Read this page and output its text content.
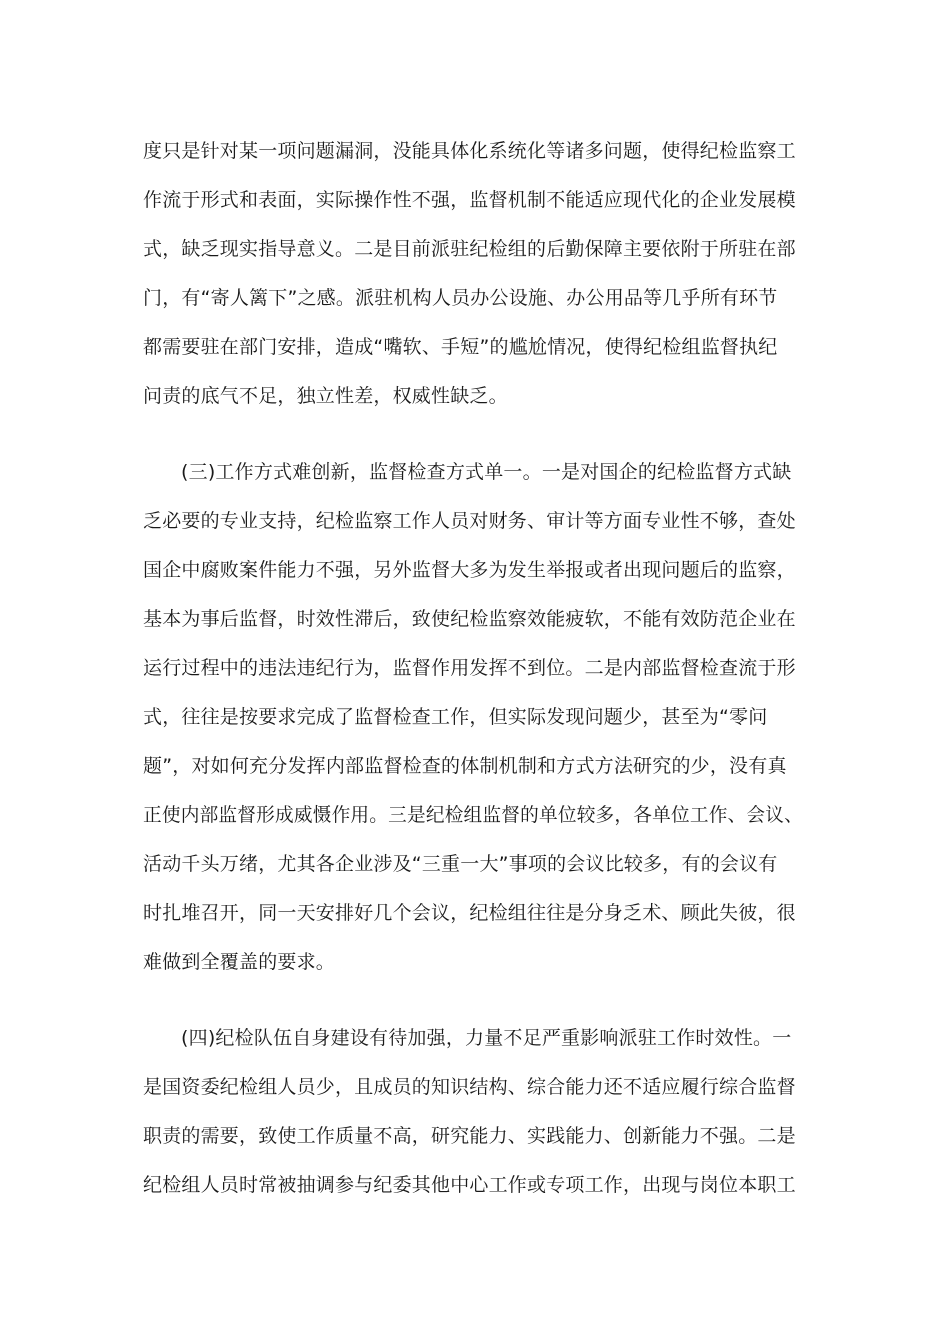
度只是针对某一项问题漏洞，没能具体化系统化等诸多问题，使得纪检监察工
作流于形式和表面，实际操作性不强，监督机制不能适应现代化的企业发展模
式，缺乏现实指导意义。二是目前派驻纪检组的后勤保障主要依附于所驻在部
门，有“寄人篱下”之感。派驻机构人员办公设施、办公用品等几乎所有环节
都需要驻在部门安排，造成“嘴软、手短”的尴尬情况，使得纪检组监督执纪
问责的底气不足，独立性差，权威性缺乏。
(三)工作方式难创新，监督检查方式单一。一是对国企的纪检监督方式缺
乏必要的专业支持，纪检监察工作人员对财务、审计等方面专业性不够，查处
国企中腐败案件能力不强，另外监督大多为发生举报或者出现问题后的监察，
基本为事后监督，时效性滞后，致使纪检监察效能疲软，不能有效防范企业在
运行过程中的违法违纪行为，监督作用发挥不到位。二是内部监督检查流于形
式，往往是按要求完成了监督检查工作，但实际发现问题少，甚至为“零问
题”，对如何充分发挥内部监督检查的体制机制和方式方法研究的少，没有真
正使内部监督形成威慑作用。三是纪检组监督的单位较多，各单位工作、会议、
活动千头万绪，尤其各企业涉及“三重一大”事项的会议比较多，有的会议有
时扎堆召开，同一天安排好几个会议，纪检组往往是分身乏术、顾此失彼，很
难做到全覆盖的要求。
(四)纪检队伍自身建设有待加强，力量不足严重影响派驻工作时效性。一
是国资委纪检组人员少，且成员的知识结构、综合能力还不适应履行综合监督
职责的需要，致使工作质量不高，研究能力、实践能力、创新能力不强。二是
纪检组人员时常被抽调参与纪委其他中心工作或专项工作，出现与岗位本职工
